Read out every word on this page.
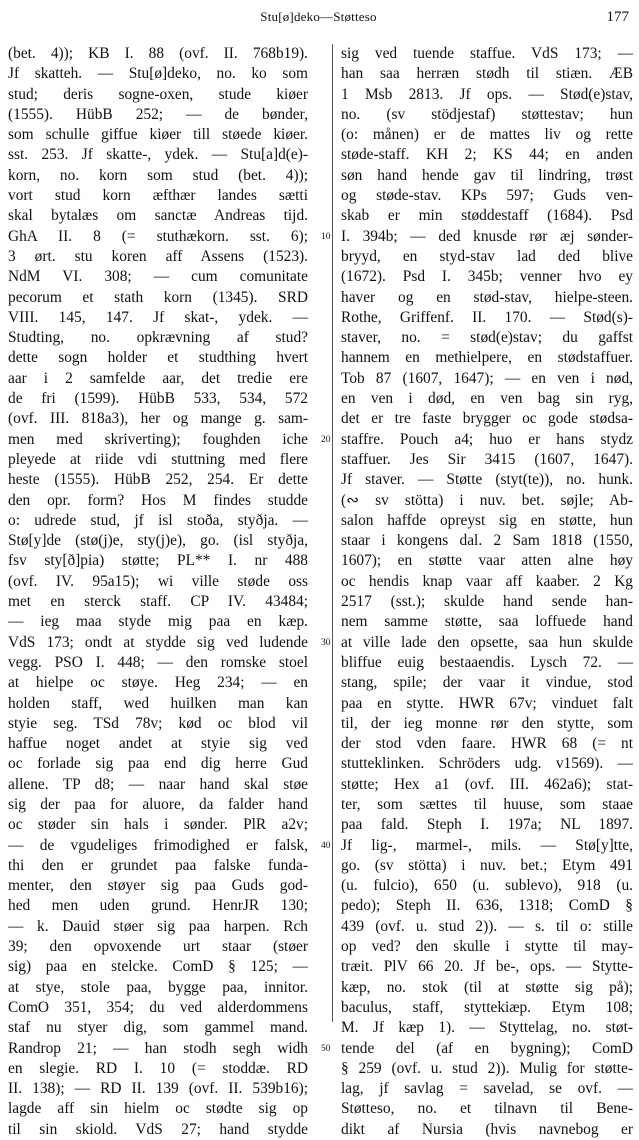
Stu[ø]deko—Støtteso	177
(bet. 4)); KB I. 88 (ovf. II. 768b19).
Jf skatteh. — Stu[ø]deko, no. ko som
stud; deris sogne-oxen, stude kiøer
(1555). HübB 252; — de bønder,
som schulle giffue kiøer till støede kiøer.
sst. 253. Jf skatte-, ydek. — Stu[a]d(e)-
korn, no. korn som stud (bet. 4));
vort stud korn æfthær landes sætti
skal bytalæs om sanctæ Andreas tijd.
GhA II. 8 (= stuthækorn. sst. 6);
3 ørt. stu koren aff Assens (1523).
NdM VI. 308; — cum comunitate
pecorum et stath korn (1345). SRD
VIII. 145, 147. Jf skat-, ydek. —
Studting, no. opkrævning af stud?
dette sogn holder et studthing hvert
aar i 2 samfelde aar, det tredie ere
de fri (1599). HübB 533, 534, 572
(ovf. III. 818a3), her og mange g. sam-
men med skriverting); foughden iche
pleyede at riide vdi stuttning med flere
heste (1555). HübB 252, 254. Er dette
den opr. form? Hos M findes studde
o: udrede stud, jf isl stoða, styðja. —
Stø[y]de (stø(j)e, sty(j)e), go. (isl styðja,
fsv sty[ð]pia) støtte; PL** I. nr 488
(ovf. IV. 95a15); wi ville støde oss
met en sterck staff. CP IV. 43484;
— ieg maa styde mig paa en kæp.
VdS 173; ondt at stydde sig ved ludende
vegg. PSO I. 448; — den romske stoel
at hielpe oc støye. Heg 234; — en
holden staff, wed huilken man kan
styie seg. TSd 78v; kød oc blod vil
haffue noget andet at styie sig ved
oc forlade sig paa end dig herre Gud
allene. TP d8; — naar hand skal støe
sig der paa for aluore, da falder hand
oc støder sin hals i sønder. PlR a2v;
— de vgudeliges frimodighed er falsk,
thi den er grundet paa falske funda-
menter, den støyer sig paa Guds god-
hed men uden grund. HenrJR 130;
— k. Dauid støer sig paa harpen. Rch
39; den opvoxende urt staar (støer
sig) paa en stelcke. ComD § 125; —
at stye, stole paa, bygge paa, innitor.
ComO 351, 354; du ved alderdommens
staf nu styer dig, som gammel mand.
Randrop 21; — han stodh segh widh
en slegie. RD I. 10 (= stoddæ. RD
II. 138); — RD II. 139 (ovf. II. 539b16);
lagde aff sin hielm oc stødte sig op
til sin skiold. VdS 27; hand stydde
10
20
30
40
50
sig ved tuende staffue. VdS 173; —
han saa herræn stødh til stiæn. ÆB
1 Msb 2813. Jf ops. — Stød(e)stav,
no. (sv stödjestaf) støttestav; hun
(o: månen) er de mattes liv og rette
støde-staff. KH 2; KS 44; en anden
søn hand hende gav til lindring, trøst
og støde-stav. KPs 597; Guds ven-
skab er min støddestaff (1684). Psd
I. 394b; — ded knusde rør æj sønder-
bryyd, en styd-stav lad ded blive
(1672). Psd I. 345b; venner hvo ey
haver og en stød-stav, hielpe-steen.
Rothe, Griffenf. II. 170. — Stød(s)-
staver, no. = stød(e)stav; du gaffst
hannem en methielpere, en stødstaffuer.
Tob 87 (1607, 1647); — en ven i nød,
en ven i død, en ven bag sin ryg,
det er tre faste brygger oc gode stødsa-
staffre. Pouch a4; huo er hans stydz
staffuer. Jes Sir 3415 (1607, 1647).
Jf staver. — Støtte (styt(te)), no. hunk.
(∾ sv stötta) i nuv. bet. søjle; Ab-
salon haffde opreyst sig en støtte, hun
staar i kongens dal. 2 Sam 1818 (1550,
1607); en støtte vaar atten alne høy
oc hendis knap vaar aff kaaber. 2 Kg
2517 (sst.); skulde hand sende han-
nem samme støtte, saa loffuede hand
at ville lade den opsette, saa hun skulde
bliffue euig bestaaendis. Lysch 72. —
stang, spile; der vaar it vindue, stod
paa en stytte. HWR 67v; vinduet falt
til, der ieg monne rør den stytte, som
der stod vden faare. HWR 68 (= nt
stutteklinken. Schröders udg. v1569). —
støtte; Hex a1 (ovf. III. 462a6); stat-
ter, som sættes til huuse, som staae
paa fald. Steph I. 197a; NL 1897.
Jf lig-, marmel-, mils. — Stø[y]tte,
go. (sv stötta) i nuv. bet.; Etym 491
(u. fulcio), 650 (u. sublevo), 918 (u.
pedo); Steph II. 636, 1318; ComD §
439 (ovf. u. stud 2)). — s. til o: stille
op ved? den skulle i stytte til may-
træit. PlV 66 20. Jf be-, ops. — Stytte-
kæp, no. stok (til at støtte sig på);
baculus, staff, styttekiæp. Etym 108;
M. Jf kæp 1). — Styttelag, no. støt-
tende del (af en bygning); ComD
§ 259 (ovf. u. stud 2)). Mulig for støtte-
lag, jf savlag = savelad, se ovf. —
Støtteso, no. et tilnavn til Bene-
dikt af Nursia (hvis navnebog er
